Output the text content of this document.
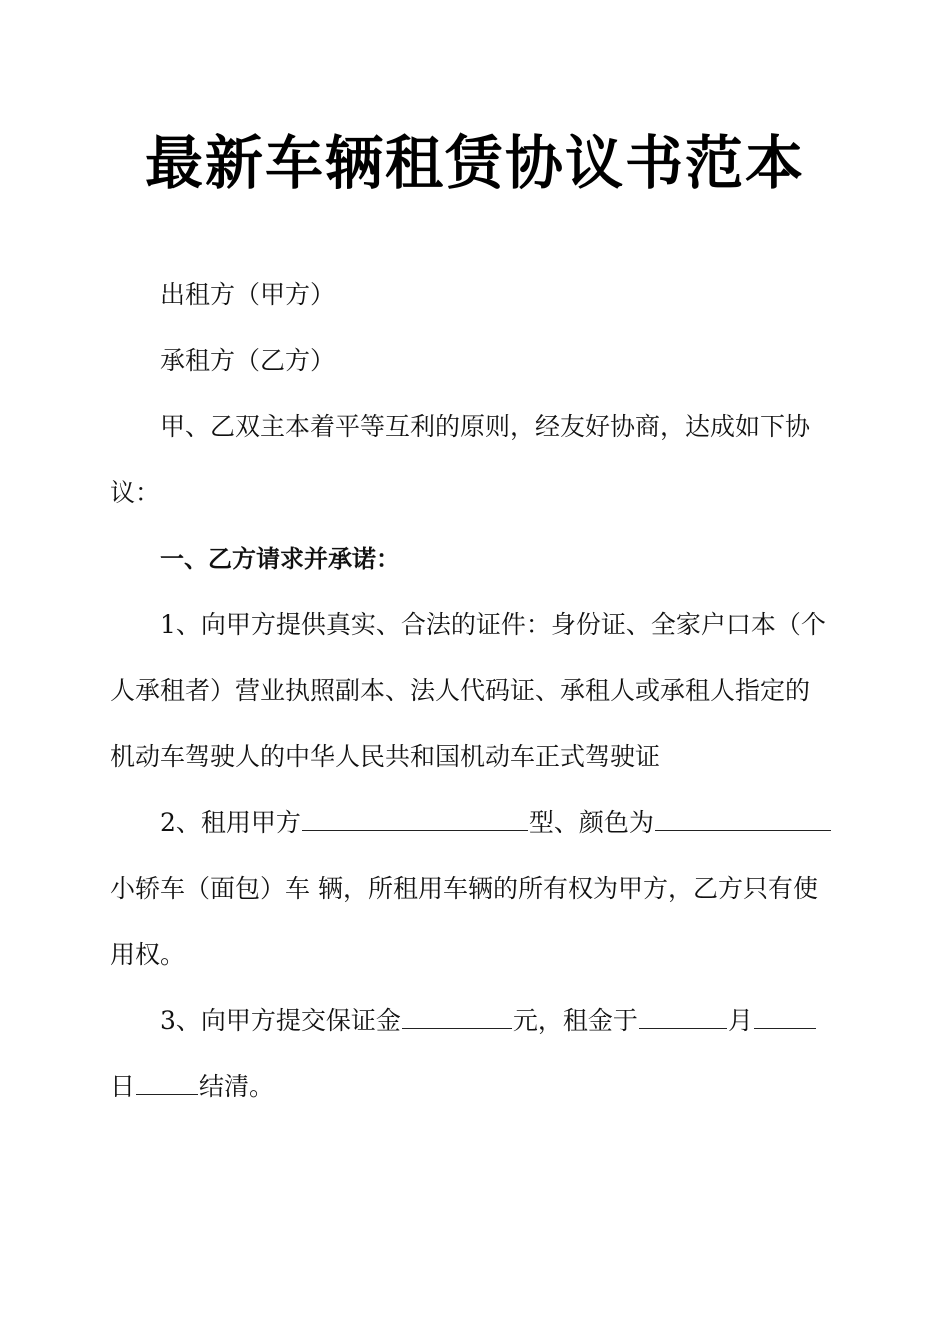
最新车辆租赁协议书范本

出租方（甲方）

承租方（乙方）

甲、乙双主本着平等互利的原则，经友好协商，达成如下协
议：

一、乙方请求并承诺：

1、向甲方提供真实、合法的证件：身份证、全家户口本（个
人承租者）营业执照副本、法人代码证、承租人或承租人指定的
机动车驾驶人的中华人民共和国机动车正式驾驶证
2、租用甲方	型、颜色为
小轿车（面包）车 辆，所租用车辆的所有权为甲方，乙方只有使
用权。
3、向甲方提交保证金	元，租金于	月
日	结清。
